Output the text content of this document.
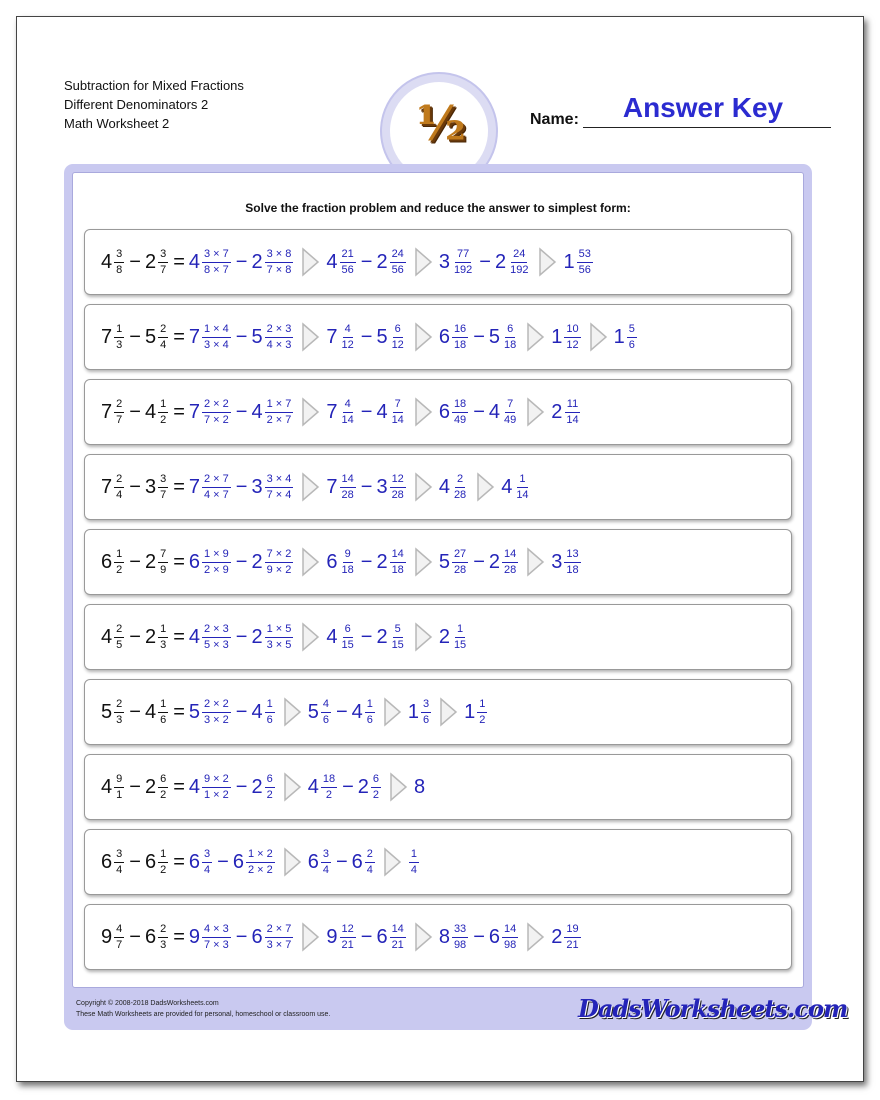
Subtraction for Mixed Fractions
Different Denominators 2
Math Worksheet 2	½	Name:	Answer Key
Solve the fraction problem and reduce the answer to simplest form:
$4 \frac{3}{8} - 2 \frac{3}{7} = 4 \frac{3 \times 7}{8 \times 7} - 2 \frac{3 \times 8}{7 \times 8} 4 \frac{21}{56} - 2 \frac{24}{56} 3 \frac{77}{192} - 2 \frac{24}{192} 1 \frac{53}{56}$
$7 \frac{1}{3} - 5 \frac{2}{4} = 7 \frac{1 \times 4}{3 \times 4} - 5 \frac{2 \times 3}{4 \times 3} 7 \frac{4}{12} - 5 \frac{6}{12} 6 \frac{16}{18} - 5 \frac{6}{18} 1 \frac{10}{12} 1 \frac{5}{6}$
$7 \frac{2}{7} - 4 \frac{1}{2} = 7 \frac{2 \times 2}{7 \times 2} - 4 \frac{1 \times 7}{2 \times 7} 7 \frac{4}{14} - 4 \frac{7}{14} 6 \frac{18}{49} - 4 \frac{7}{49} 2 \frac{11}{14}$
$7 \frac{2}{4} - 3 \frac{3}{7} = 7 \frac{2 \times 7}{4 \times 7} - 3 \frac{3 \times 4}{7 \times 4} 7 \frac{14}{28} - 3 \frac{12}{28} 4 \frac{2}{28} 4 \frac{1}{14}$
$6 \frac{1}{2} - 2 \frac{7}{9} = 6 \frac{1 \times 9}{2 \times 9} - 2 \frac{7 \times 2}{9 \times 2} 6 \frac{9}{18} - 2 \frac{14}{18} 5 \frac{27}{28} - 2 \frac{14}{28} 3 \frac{13}{18}$
$4 \frac{2}{5} - 2 \frac{1}{3} = 4 \frac{2 \times 3}{5 \times 3} - 2 \frac{1 \times 5}{3 \times 5} 4 \frac{6}{15} - 2 \frac{5}{15} 2 \frac{1}{15}$
$5 \frac{2}{3} - 4 \frac{1}{6} = 5 \frac{2 \times 2}{3 \times 2} - 4 \frac{1}{6} 5 \frac{4}{6} - 4 \frac{1}{6} 1 \frac{3}{6} 1 \frac{1}{2}$
$4 \frac{9}{1} - 2 \frac{6}{2} = 4 \frac{9 \times 2}{1 \times 2} - 2 \frac{6}{2} 4 \frac{18}{2} - 2 \frac{6}{2} 8$
$6 \frac{3}{4} - 6 \frac{1}{2} = 6 \frac{3}{4} - 6 \frac{1 \times 2}{2 \times 2} 6 \frac{3}{4} - 6 \frac{2}{4}$	$\frac{1}{4}$
$9 \frac{4}{7} - 6 \frac{2}{3} = 9 \frac{4 \times 3}{7 \times 3} - 6 \frac{2 \times 7}{3 \times 7} 9 \frac{12}{21} - 6 \frac{14}{21} 8 \frac{33}{98} - 6 \frac{14}{98} 2 \frac{19}{21}$
Copyright © 2008-2018 DadsWorksheets.com
These Math Worksheets are provided for personal, homeschool or classroom use.	DadsWorksheets.com
